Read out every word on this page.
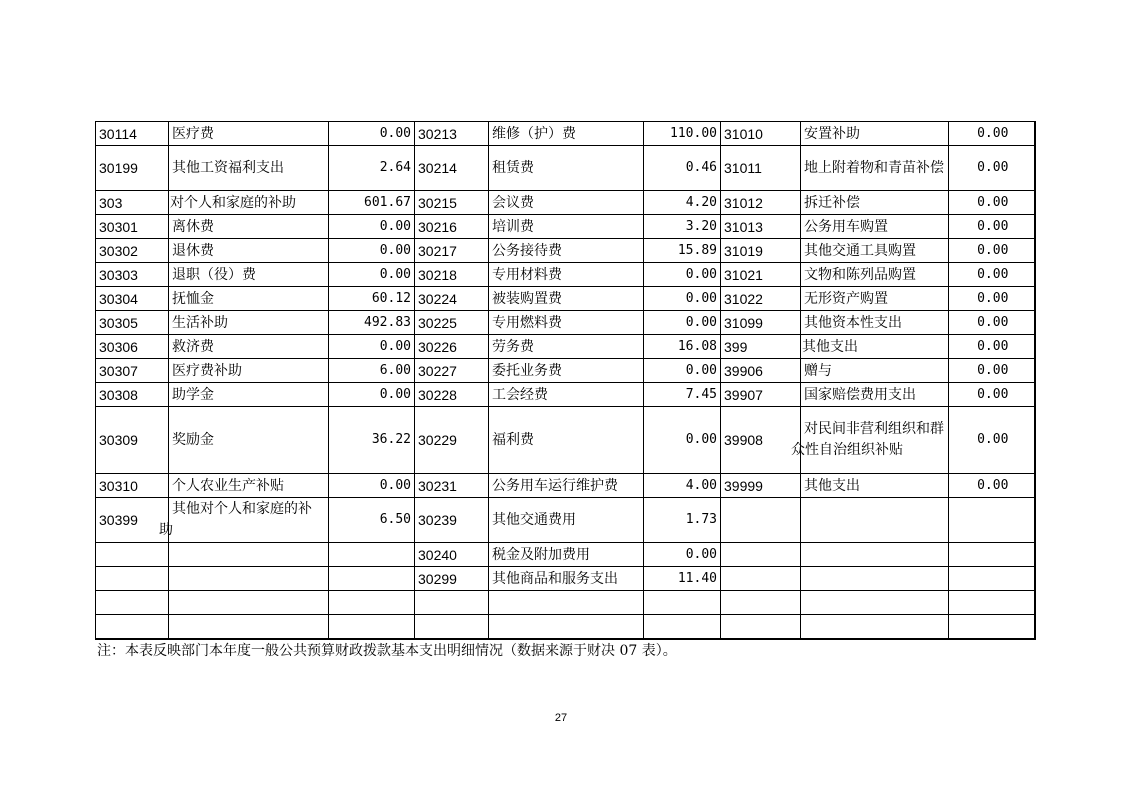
30114	医疗费	0.00	30213	维修（护）费	110.00	31010	安置补助	0.00
30199	其他工资福利支出	2.64	30214	租赁费	0.46	31011	地上附着物和青苗补偿	0.00
303	对个人和家庭的补助	601.67	30215	会议费	4.20	31012	拆迁补偿	0.00
30301	离休费	0.00	30216	培训费	3.20	31013	公务用车购置	0.00
30302	退休费	0.00	30217	公务接待费	15.89	31019	其他交通工具购置	0.00
30303	退职（役）费	0.00	30218	专用材料费	0.00	31021	文物和陈列品购置	0.00
30304	抚恤金	60.12	30224	被装购置费	0.00	31022	无形资产购置	0.00
30305	生活补助	492.83	30225	专用燃料费	0.00	31099	其他资本性支出	0.00
30306	救济费	0.00	30226	劳务费	16.08	399	其他支出	0.00
30307	医疗费补助	6.00	30227	委托业务费	0.00	39906	赠与	0.00
30308	助学金	0.00	30228	工会经费	7.45	39907	国家赔偿费用支出	0.00
30309	奖励金	36.22	30229	福利费	0.00	39908	对民间非营利组织和群众性自治组织补贴	0.00
30310	个人农业生产补贴	0.00	30231	公务用车运行维护费	4.00	39999	其他支出	0.00
30399	其他对个人和家庭的补助	6.50	30239	其他交通费用	1.73			
			30240	税金及附加费用	0.00			
			30299	其他商品和服务支出	11.40			

注：本表反映部门本年度一般公共预算财政拨款基本支出明细情况（数据来源于财决 07 表）。
27
